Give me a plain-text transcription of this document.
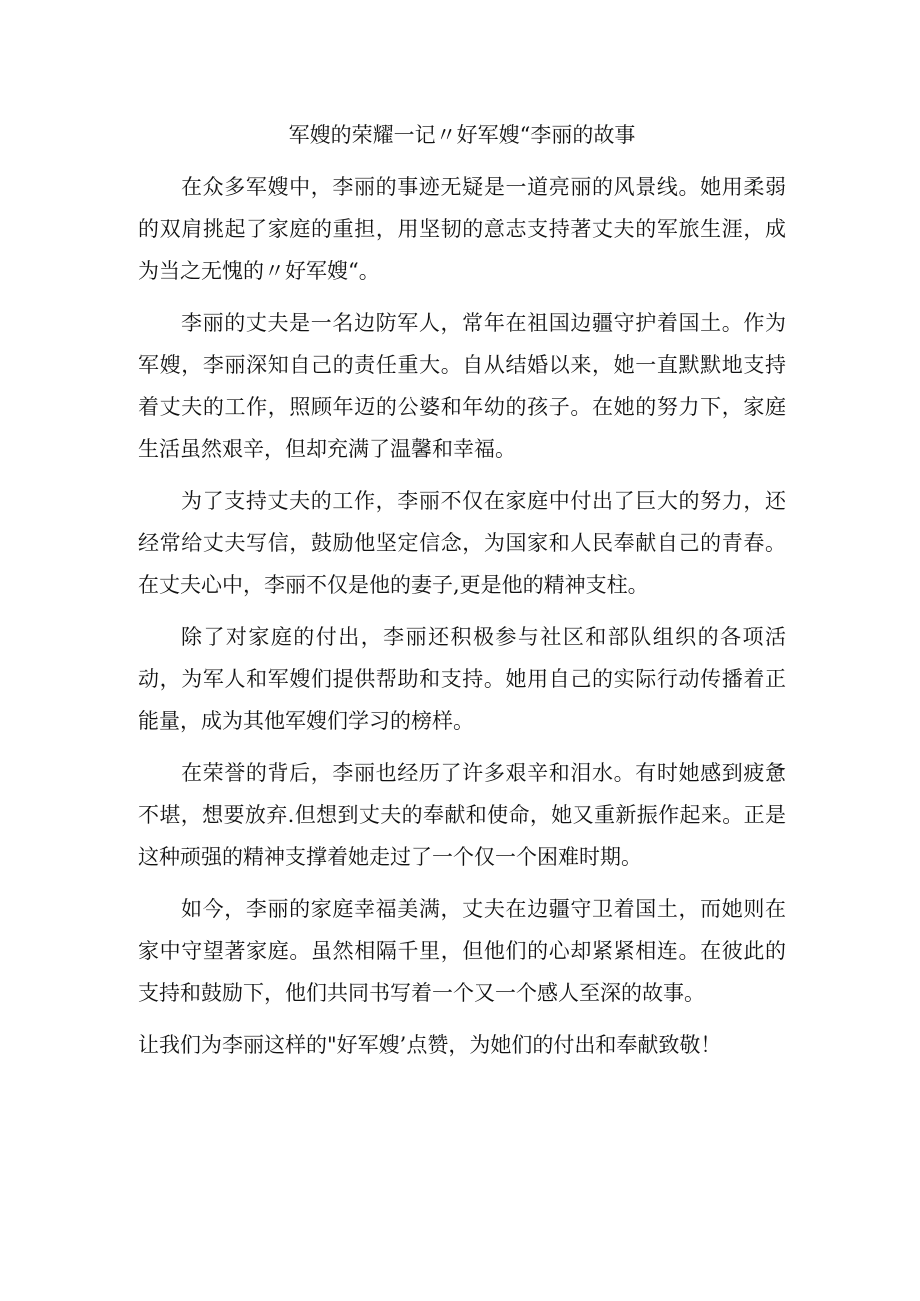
军嫂的荣耀一记〃好军嫂“李丽的故事

在众多军嫂中，李丽的事迹无疑是一道亮丽的风景线。她用柔弱的双肩挑起了家庭的重担，用坚韧的意志支持著丈夫的军旅生涯，成为当之无愧的〃好军嫂“。

李丽的丈夫是一名边防军人，常年在祖国边疆守护着国土。作为军嫂，李丽深知自己的责任重大。自从结婚以来，她一直默默地支持着丈夫的工作，照顾年迈的公婆和年幼的孩子。在她的努力下，家庭生活虽然艰辛，但却充满了温馨和幸福。

为了支持丈夫的工作，李丽不仅在家庭中付出了巨大的努力，还经常给丈夫写信，鼓励他坚定信念，为国家和人民奉献自己的青春。在丈夫心中，李丽不仅是他的妻子,更是他的精神支柱。

除了对家庭的付出，李丽还积极参与社区和部队组织的各项活动，为军人和军嫂们提供帮助和支持。她用自己的实际行动传播着正能量，成为其他军嫂们学习的榜样。

在荣誉的背后，李丽也经历了许多艰辛和泪水。有时她感到疲惫不堪，想要放弃.但想到丈夫的奉献和使命，她又重新振作起来。正是这种顽强的精神支撑着她走过了一个仅一个困难时期。

如今，李丽的家庭幸福美满，丈夫在边疆守卫着国土，而她则在家中守望著家庭。虽然相隔千里，但他们的心却紧紧相连。在彼此的支持和鼓励下，他们共同书写着一个又一个感人至深的故事。

让我们为李丽这样的"好军嫂’点赞，为她们的付出和奉献致敬！
